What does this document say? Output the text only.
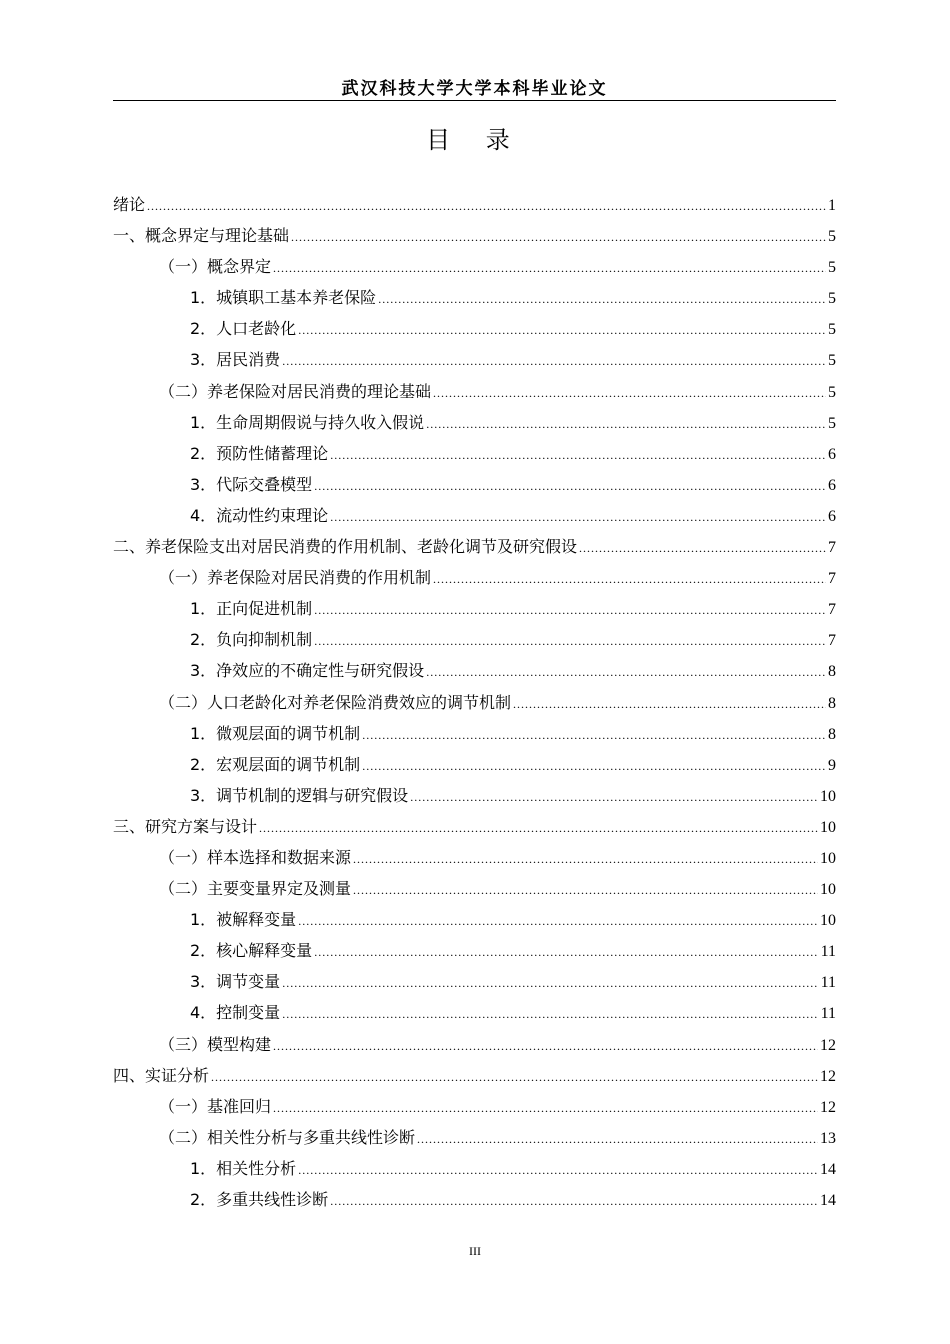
武汉科技大学大学本科毕业论文
目 录
绪论 .....	1
一、概念界定与理论基础 .....	5
（一）概念界定 .....	5
1．城镇职工基本养老保险 .....	5
2．人口老龄化 .....	5
3．居民消费 .....	5
（二）养老保险对居民消费的理论基础 .....	5
1．生命周期假说与持久收入假说 .....	5
2．预防性储蓄理论 .....	6
3．代际交叠模型 .....	6
4．流动性约束理论 .....	6
二、养老保险支出对居民消费的作用机制、老龄化调节及研究假设 .....	7
（一）养老保险对居民消费的作用机制 .....	7
1．正向促进机制 .....	7
2．负向抑制机制 .....	7
3．净效应的不确定性与研究假设 .....	8
（二）人口老龄化对养老保险消费效应的调节机制 .....	8
1．微观层面的调节机制 .....	8
2．宏观层面的调节机制 .....	9
3．调节机制的逻辑与研究假设 .....	10
三、研究方案与设计 .....	10
（一）样本选择和数据来源 .....	10
（二）主要变量界定及测量 .....	10
1．被解释变量 .....	10
2．核心解释变量 .....	11
3．调节变量 .....	11
4．控制变量 .....	11
（三）模型构建 .....	12
四、实证分析 .....	12
（一）基准回归 .....	12
（二）相关性分析与多重共线性诊断 .....	13
1．相关性分析 .....	14
2．多重共线性诊断 .....	14
III
